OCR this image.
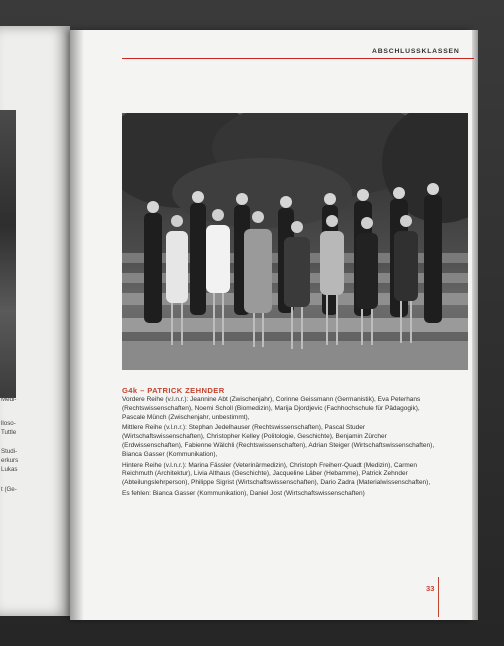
Medi-
lloso-
Tuttle
Studi-
erkurs
Lukas
t (Ge-
ABSCHLUSSKLASSEN
G4k – PATRICK ZEHNDER

Vordere Reihe (v.l.n.r.): Jeannine Abt (Zwischenjahr), Corinne Geissmann (Germanistik), Eva Peterhans (Rechtswissenschaften), Noemi Scholl (Biomedizin), Marija Djordjevic (Fachhochschule für Pädagogik), Pascale Münch (Zwischenjahr, unbestimmt),

Mittlere Reihe (v.l.n.r.): Stephan Jedelhauser (Rechtswissenschaften), Pascal Studer (Wirtschaftswissenschaften), Christopher Kelley (Politologie, Geschichte), Benjamin Zürcher (Erdwissenschaften), Fabienne Wälchli (Rechtswissenschaften), Adrian Steiger (Wirtschaftswissenschaften), Bianca Gasser (Kommunikation),

Hintere Reihe (v.l.n.r.): Marina Fässler (Veterinärmedizin), Christoph Freiherr-Quadt (Medizin), Carmen Reichmuth (Architektur), Livia Althaus (Geschichte), Jacqueline Läber (Hebamme), Patrick Zehnder (Abteilungslehrperson), Philippe Sigrist (Wirtschaftswissenschaften), Dario Zadra (Materialwissenschaften),

Es fehlen: Bianca Gasser (Kommunikation), Daniel Jost (Wirtschaftswissenschaften)

33
